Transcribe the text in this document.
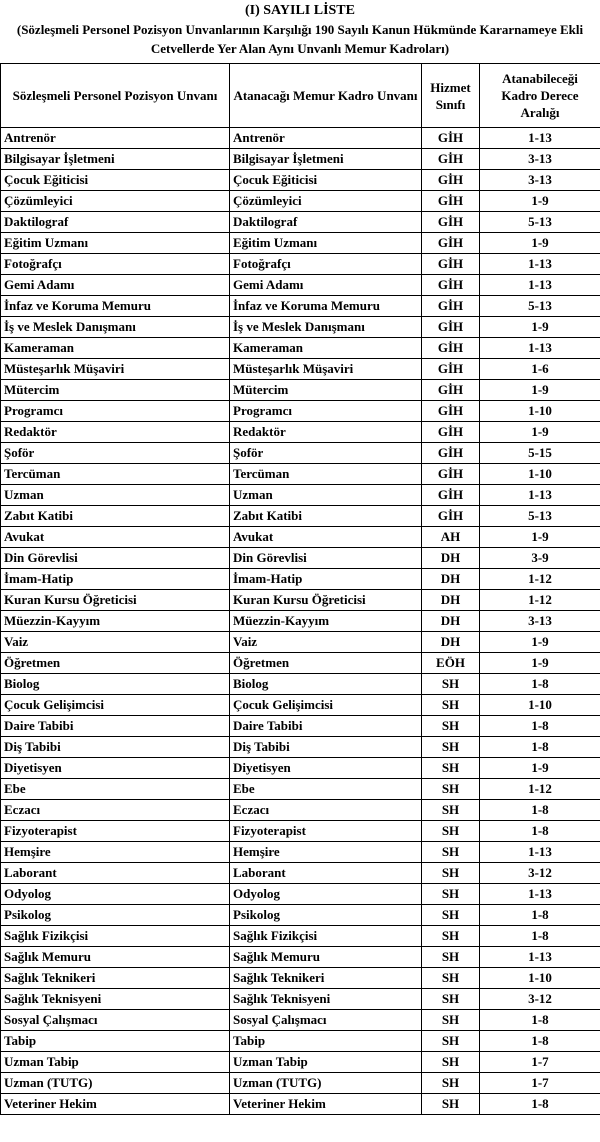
(I) SAYILI LİSTE
(Sözleşmeli Personel Pozisyon Unvanlarının Karşılığı 190 Sayılı Kanun Hükmünde Kararnameye Ekli Cetvellerde Yer Alan Aynı Unvanlı Memur Kadroları)
Sözleşmeli Personel Pozisyon Unvanı	Atanacağı Memur Kadro Unvanı	Hizmet Sınıfı	Atanabileceği Kadro Derece Aralığı
Antrenör	Antrenör	GİH	1-13
Bilgisayar İşletmeni	Bilgisayar İşletmeni	GİH	3-13
Çocuk Eğiticisi	Çocuk Eğiticisi	GİH	3-13
Çözümleyici	Çözümleyici	GİH	1-9
Daktilograf	Daktilograf	GİH	5-13
Eğitim Uzmanı	Eğitim Uzmanı	GİH	1-9
Fotoğrafçı	Fotoğrafçı	GİH	1-13
Gemi Adamı	Gemi Adamı	GİH	1-13
İnfaz ve Koruma Memuru	İnfaz ve Koruma Memuru	GİH	5-13
İş ve Meslek Danışmanı	İş ve Meslek Danışmanı	GİH	1-9
Kameraman	Kameraman	GİH	1-13
Müsteşarlık Müşaviri	Müsteşarlık Müşaviri	GİH	1-6
Mütercim	Mütercim	GİH	1-9
Programcı	Programcı	GİH	1-10
Redaktör	Redaktör	GİH	1-9
Şoför	Şoför	GİH	5-15
Tercüman	Tercüman	GİH	1-10
Uzman	Uzman	GİH	1-13
Zabıt Katibi	Zabıt Katibi	GİH	5-13
Avukat	Avukat	AH	1-9
Din Görevlisi	Din Görevlisi	DH	3-9
İmam-Hatip	İmam-Hatip	DH	1-12
Kuran Kursu Öğreticisi	Kuran Kursu Öğreticisi	DH	1-12
Müezzin-Kayyım	Müezzin-Kayyım	DH	3-13
Vaiz	Vaiz	DH	1-9
Öğretmen	Öğretmen	EÖH	1-9
Biolog	Biolog	SH	1-8
Çocuk Gelişimcisi	Çocuk Gelişimcisi	SH	1-10
Daire Tabibi	Daire Tabibi	SH	1-8
Diş Tabibi	Diş Tabibi	SH	1-8
Diyetisyen	Diyetisyen	SH	1-9
Ebe	Ebe	SH	1-12
Eczacı	Eczacı	SH	1-8
Fizyoterapist	Fizyoterapist	SH	1-8
Hemşire	Hemşire	SH	1-13
Laborant	Laborant	SH	3-12
Odyolog	Odyolog	SH	1-13
Psikolog	Psikolog	SH	1-8
Sağlık Fizikçisi	Sağlık Fizikçisi	SH	1-8
Sağlık Memuru	Sağlık Memuru	SH	1-13
Sağlık Teknikeri	Sağlık Teknikeri	SH	1-10
Sağlık Teknisyeni	Sağlık Teknisyeni	SH	3-12
Sosyal Çalışmacı	Sosyal Çalışmacı	SH	1-8
Tabip	Tabip	SH	1-8
Uzman Tabip	Uzman Tabip	SH	1-7
Uzman (TUTG)	Uzman (TUTG)	SH	1-7
Veteriner Hekim	Veteriner Hekim	SH	1-8
